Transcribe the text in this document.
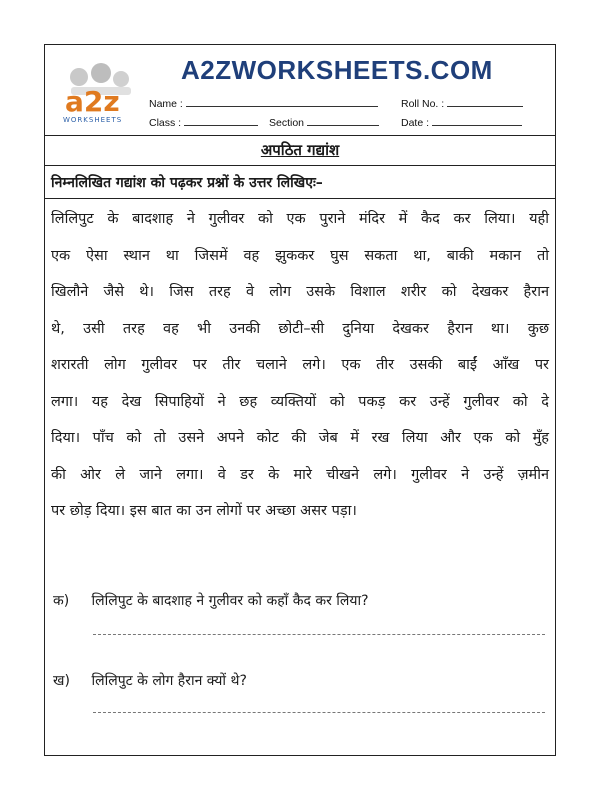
a2z
WORKSHEETS
A2ZWORKSHEETS.COM
Name :	Roll No. :
Class :	Section	Date :
अपठित गद्यांश
निम्नलिखित गद्यांश को पढ़कर प्रश्नों के उत्तर लिखिएः–
लिलिपुट के बादशाह ने गुलीवर को एक पुराने मंदिर में कैद कर लिया। यही
एक ऐसा स्थान था जिसमें वह झुककर घुस सकता था, बाकी मकान तो
खिलौने जैसे थे। जिस तरह वे लोग उसके विशाल शरीर को देखकर हैरान
थे, उसी तरह वह भी उनकी छोटी–सी दुनिया देखकर हैरान था। कुछ
शरारती लोग गुलीवर पर तीर चलाने लगे। एक तीर उसकी बाईं आँख पर
लगा। यह देख सिपाहियों ने छह व्यक्तियों को पकड़ कर उन्हें गुलीवर को दे
दिया। पाँच को तो उसने अपने कोट की जेब में रख लिया और एक को मुँह
की ओर ले जाने लगा। वे डर के मारे चीखने लगे। गुलीवर ने उन्हें ज़मीन
पर छोड़ दिया। इस बात का उन लोगों पर अच्छा असर पड़ा।
क) लिलिपुट के बादशाह ने गुलीवर को कहाँ कैद कर लिया?
ख) लिलिपुट के लोग हैरान क्यों थे?
